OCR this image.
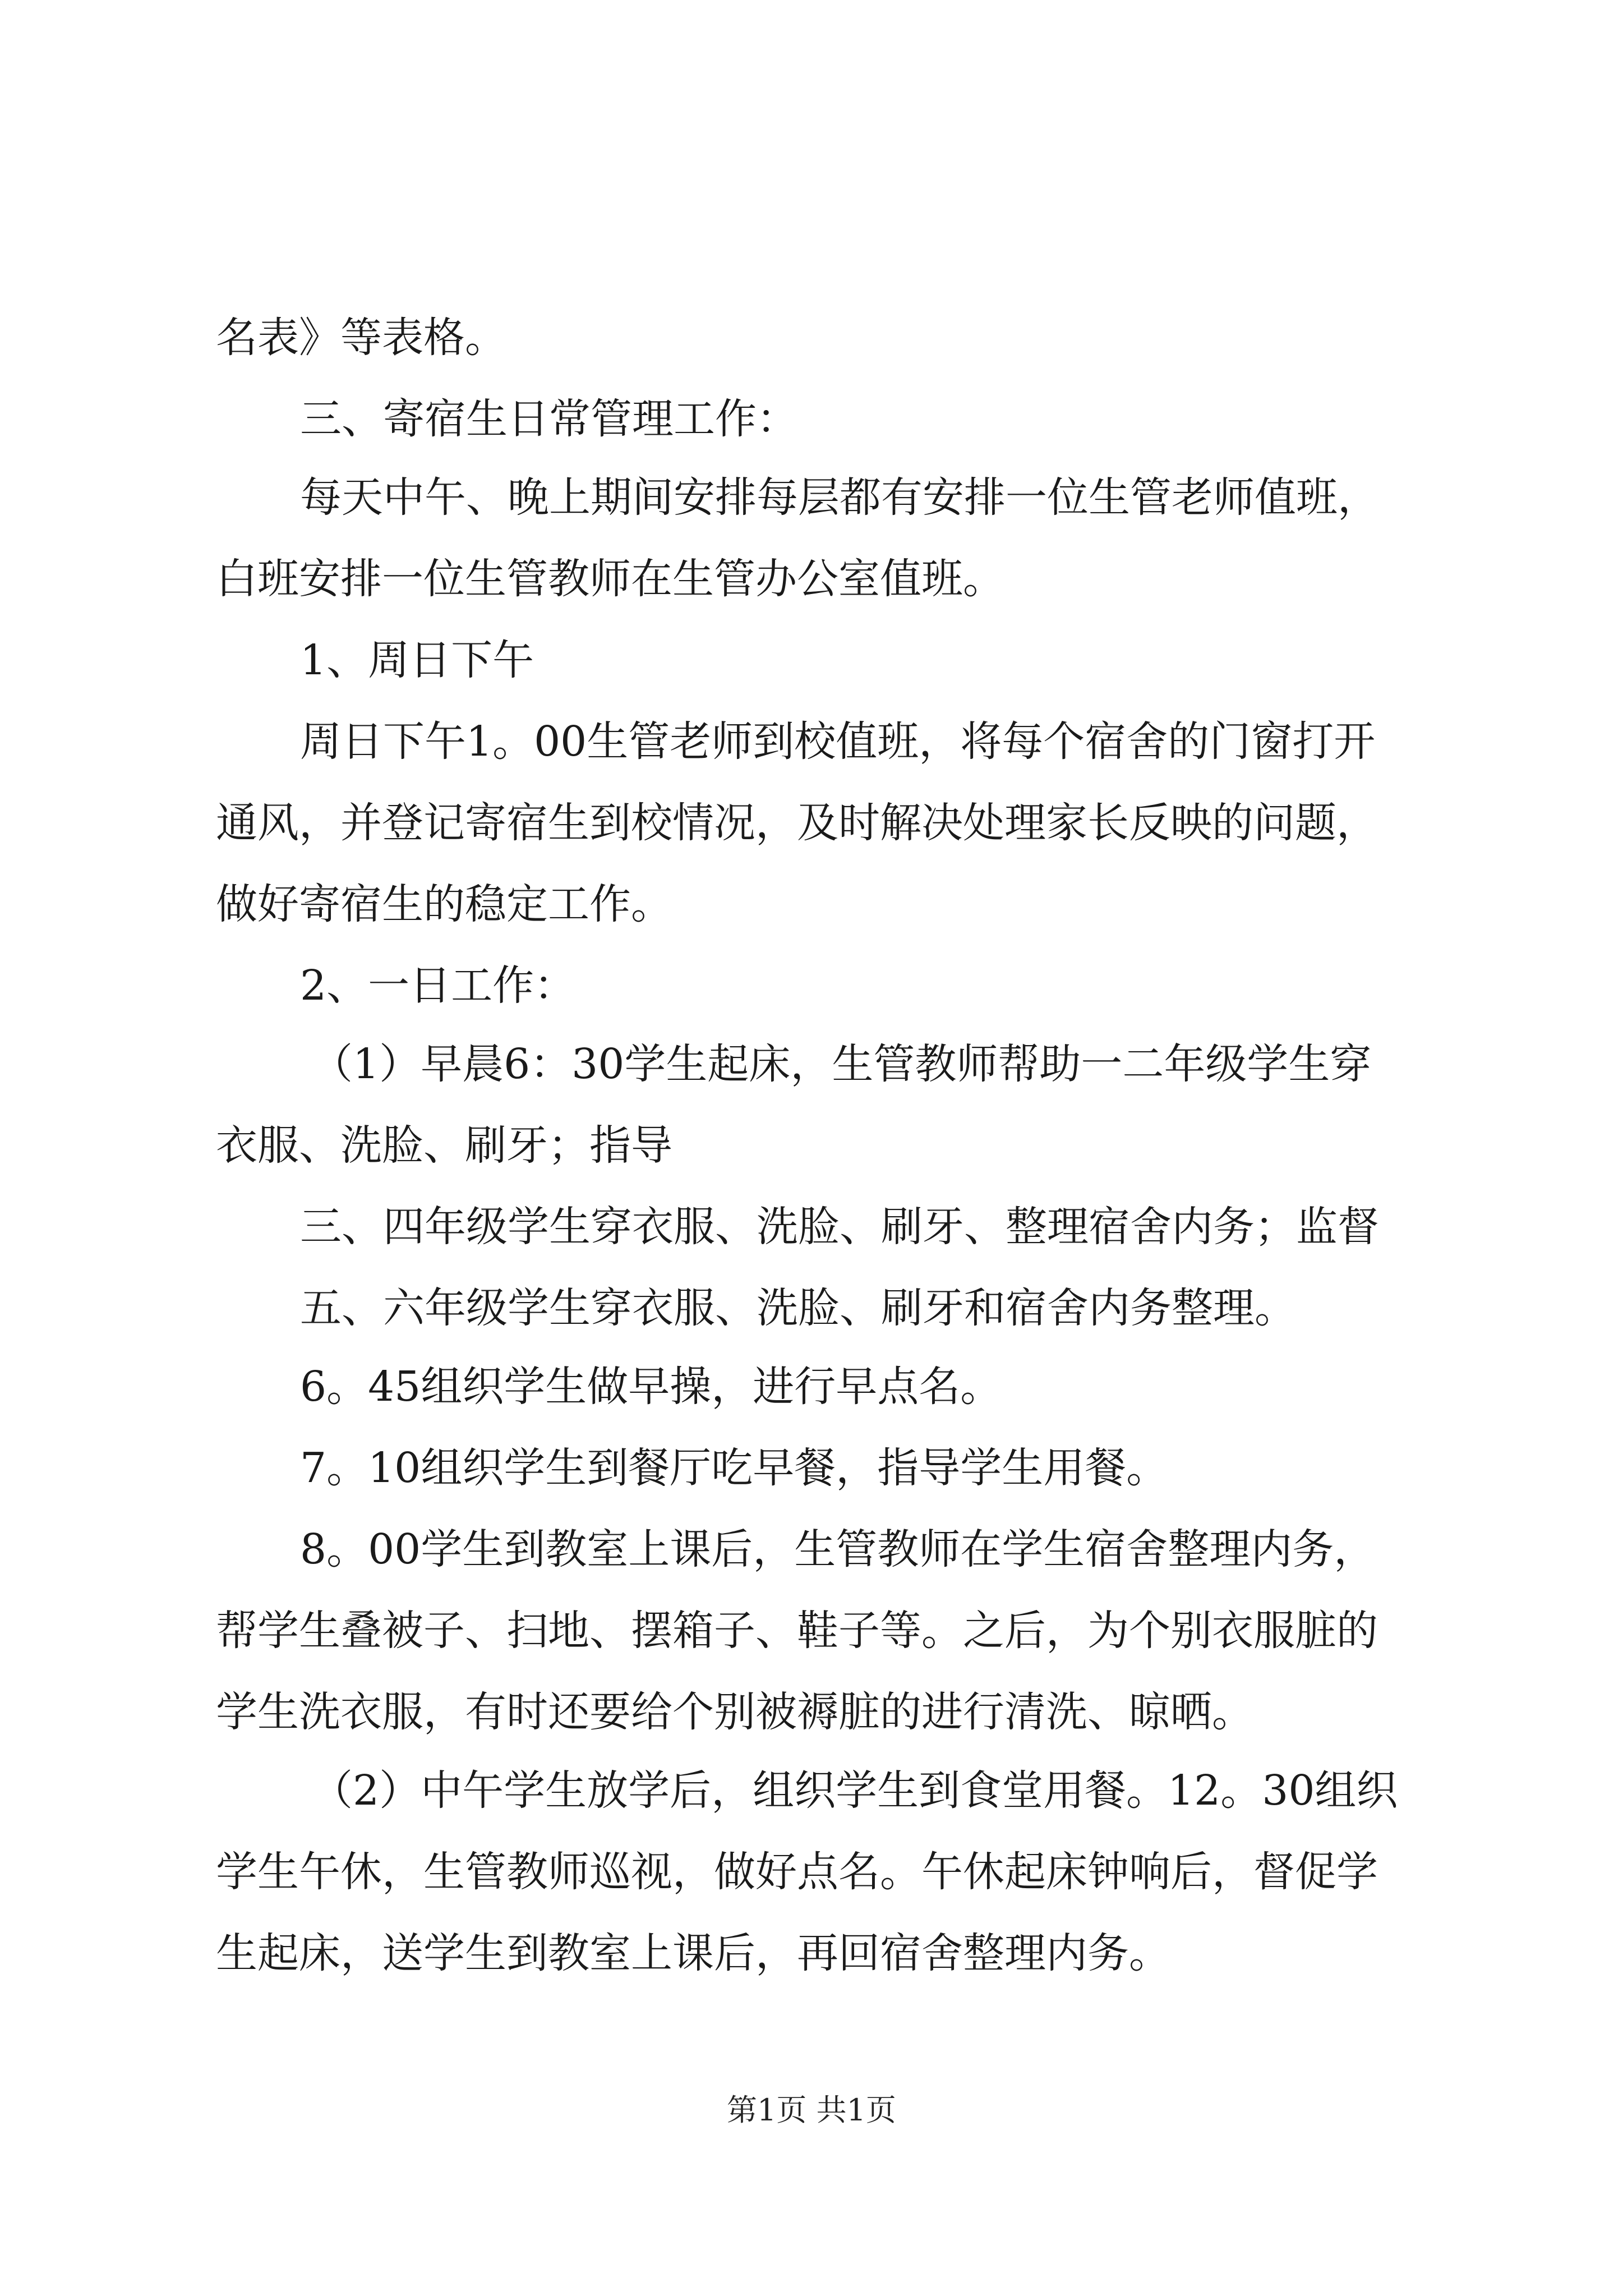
名表》等表格。
三、寄宿生日常管理工作：
每天中午、晚上期间安排每层都有安排一位生管老师值班，
白班安排一位生管教师在生管办公室值班。
1、周日下午
周日下午1。00生管老师到校值班，将每个宿舍的门窗打开
通风，并登记寄宿生到校情况，及时解决处理家长反映的问题，
做好寄宿生的稳定工作。
2、一日工作：
（1）早晨6：30学生起床，生管教师帮助一二年级学生穿
衣服、洗脸、刷牙；指导
三、四年级学生穿衣服、洗脸、刷牙、整理宿舍内务；监督
五、六年级学生穿衣服、洗脸、刷牙和宿舍内务整理。
6。45组织学生做早操，进行早点名。
7。10组织学生到餐厅吃早餐，指导学生用餐。
8。00学生到教室上课后，生管教师在学生宿舍整理内务，
帮学生叠被子、扫地、摆箱子、鞋子等。之后，为个别衣服脏的
学生洗衣服，有时还要给个别被褥脏的进行清洗、晾晒。
（2）中午学生放学后，组织学生到食堂用餐。12。30组织
学生午休，生管教师巡视，做好点名。午休起床钟响后，督促学
生起床，送学生到教室上课后，再回宿舍整理内务。
第1页 共1页
